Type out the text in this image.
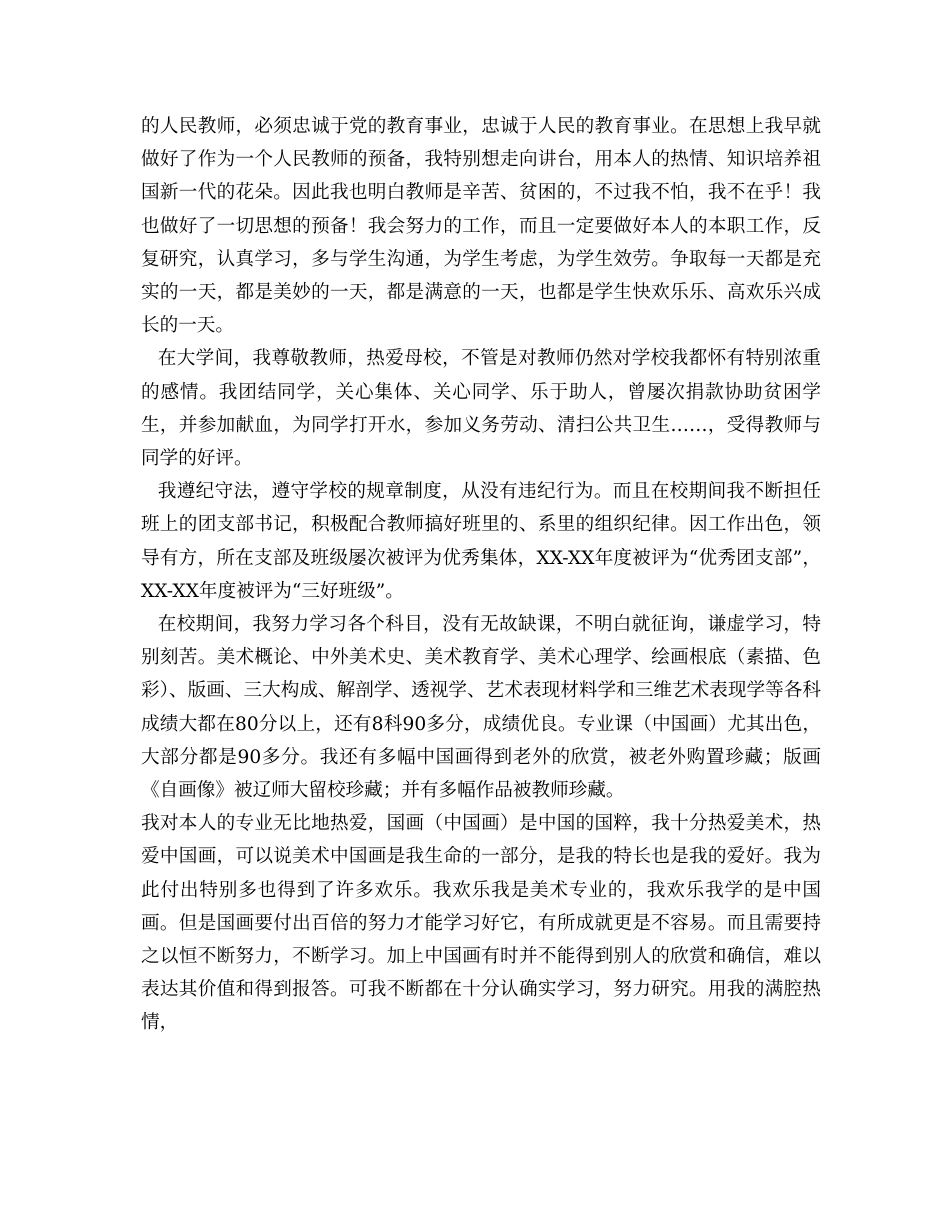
的人民教师，必须忠诚于党的教育事业，忠诚于人民的教育事业。在思想上我早就做好了作为一个人民教师的预备，我特别想走向讲台，用本人的热情、知识培养祖国新一代的花朵。因此我也明白教师是辛苦、贫困的，不过我不怕，我不在乎！我也做好了一切思想的预备！我会努力的工作，而且一定要做好本人的本职工作，反复研究，认真学习，多与学生沟通，为学生考虑，为学生效劳。争取每一天都是充实的一天，都是美妙的一天，都是满意的一天，也都是学生快欢乐乐、高欢乐兴成长的一天。

在大学间，我尊敬教师，热爱母校，不管是对教师仍然对学校我都怀有特别浓重的感情。我团结同学，关心集体、关心同学、乐于助人，曾屡次捐款协助贫困学生，并参加献血，为同学打开水，参加义务劳动、清扫公共卫生……，受得教师与同学的好评。

我遵纪守法，遵守学校的规章制度，从没有违纪行为。而且在校期间我不断担任班上的团支部书记，积极配合教师搞好班里的、系里的组织纪律。因工作出色，领导有方，所在支部及班级屡次被评为优秀集体，XX-XX年度被评为“优秀团支部”，XX-XX年度被评为“三好班级”。

在校期间，我努力学习各个科目，没有无故缺课，不明白就征询，谦虚学习，特别刻苦。美术概论、中外美术史、美术教育学、美术心理学、绘画根底（素描、色彩）、版画、三大构成、解剖学、透视学、艺术表现材料学和三维艺术表现学等各科成绩大都在80分以上，还有8科90多分，成绩优良。专业课（中国画）尤其出色，大部分都是90多分。我还有多幅中国画得到老外的欣赏，被老外购置珍藏；版画《自画像》被辽师大留校珍藏；并有多幅作品被教师珍藏。

我对本人的专业无比地热爱，国画（中国画）是中国的国粹，我十分热爱美术，热爱中国画，可以说美术中国画是我生命的一部分，是我的特长也是我的爱好。我为此付出特别多也得到了许多欢乐。我欢乐我是美术专业的，我欢乐我学的是中国画。但是国画要付出百倍的努力才能学习好它，有所成就更是不容易。而且需要持之以恒不断努力，不断学习。加上中国画有时并不能得到别人的欣赏和确信，难以表达其价值和得到报答。可我不断都在十分认确实学习，努力研究。用我的满腔热情，
